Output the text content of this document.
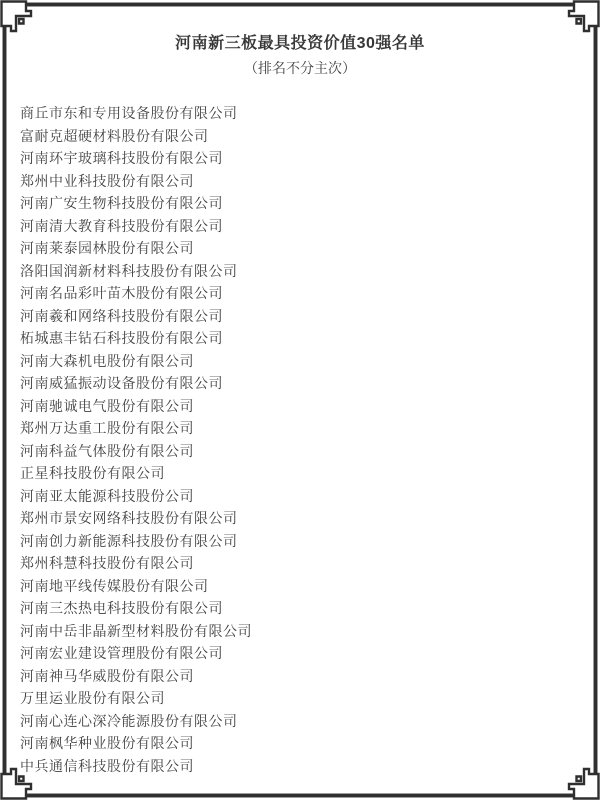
河南新三板最具投资价值30强名单
（排名不分主次）
商丘市东和专用设备股份有限公司
富耐克超硬材料股份有限公司
河南环宇玻璃科技股份有限公司
郑州中业科技股份有限公司
河南广安生物科技股份有限公司
河南清大教育科技股份有限公司
河南莱泰园林股份有限公司
洛阳国润新材料科技股份有限公司
河南名品彩叶苗木股份有限公司
河南羲和网络科技股份有限公司
柘城惠丰钻石科技股份有限公司
河南大森机电股份有限公司
河南威猛振动设备股份有限公司
河南驰诚电气股份有限公司
郑州万达重工股份有限公司
河南科益气体股份有限公司
正星科技股份有限公司
河南亚太能源科技股份公司
郑州市景安网络科技股份有限公司
河南创力新能源科技股份有限公司
郑州科慧科技股份有限公司
河南地平线传媒股份有限公司
河南三杰热电科技股份有限公司
河南中岳非晶新型材料股份有限公司
河南宏业建设管理股份有限公司
河南神马华威股份有限公司
万里运业股份有限公司
河南心连心深冷能源股份有限公司
河南枫华种业股份有限公司
中兵通信科技股份有限公司
